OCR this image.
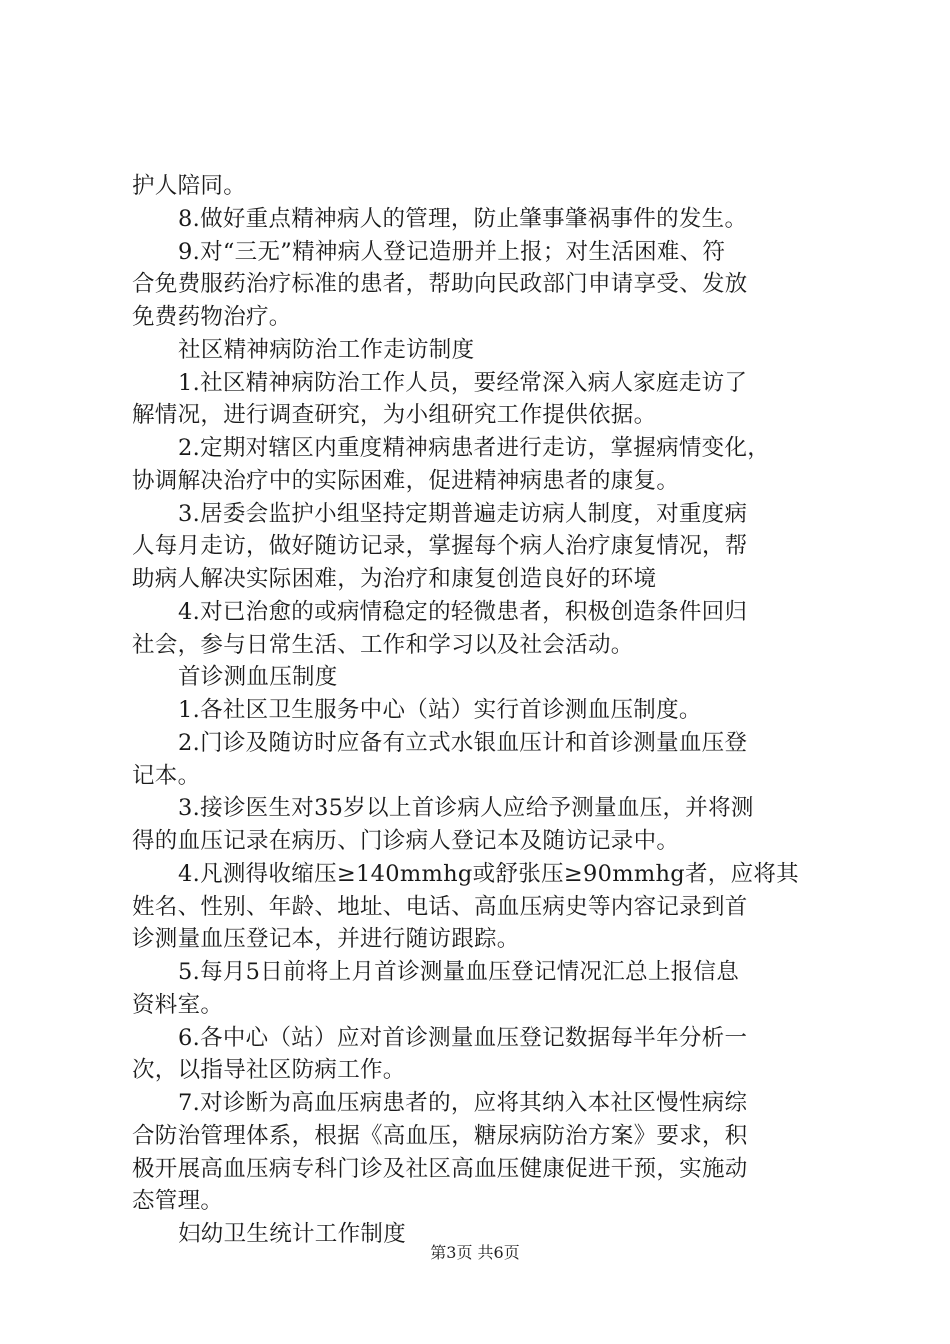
护人陪同。
8.做好重点精神病人的管理，防止肇事肇祸事件的发生。
9.对“三无”精神病人登记造册并上报；对生活困难、符
合免费服药治疗标准的患者，帮助向民政部门申请享受、发放
免费药物治疗。
社区精神病防治工作走访制度
1.社区精神病防治工作人员，要经常深入病人家庭走访了
解情况，进行调查研究，为小组研究工作提供依据。
2.定期对辖区内重度精神病患者进行走访，掌握病情变化，
协调解决治疗中的实际困难，促进精神病患者的康复。
3.居委会监护小组坚持定期普遍走访病人制度，对重度病
人每月走访，做好随访记录，掌握每个病人治疗康复情况，帮
助病人解决实际困难，为治疗和康复创造良好的环境
4.对已治愈的或病情稳定的轻微患者，积极创造条件回归
社会，参与日常生活、工作和学习以及社会活动。
首诊测血压制度
1.各社区卫生服务中心（站）实行首诊测血压制度。
2.门诊及随访时应备有立式水银血压计和首诊测量血压登
记本。
3.接诊医生对35岁以上首诊病人应给予测量血压，并将测
得的血压记录在病历、门诊病人登记本及随访记录中。
4.凡测得收缩压≥140mmhg或舒张压≥90mmhg者，应将其
姓名、性别、年龄、地址、电话、高血压病史等内容记录到首
诊测量血压登记本，并进行随访跟踪。
5.每月5日前将上月首诊测量血压登记情况汇总上报信息
资料室。
6.各中心（站）应对首诊测量血压登记数据每半年分析一
次，以指导社区防病工作。
7.对诊断为高血压病患者的，应将其纳入本社区慢性病综
合防治管理体系，根据《高血压，糖尿病防治方案》要求，积
极开展高血压病专科门诊及社区高血压健康促进干预，实施动
态管理。
妇幼卫生统计工作制度
第3页 共6页
